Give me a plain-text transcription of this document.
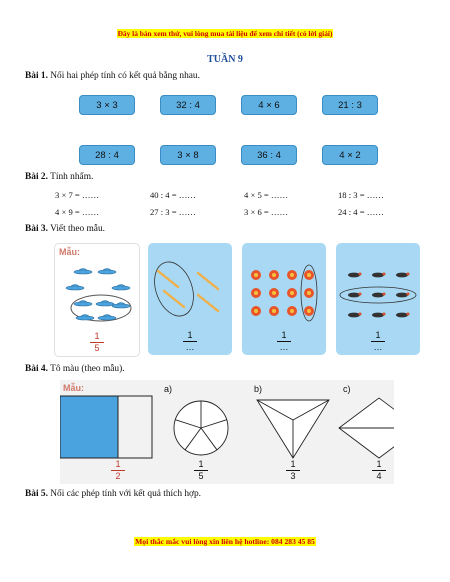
Đây là bản xem thử, vui lòng mua tài liệu để xem chi tiết (có lời giải)
TUẦN 9
Bài 1. Nối hai phép tính có kết quả bằng nhau.
3 × 3	32 : 4	4 × 6	21 : 3
28 : 4	3 × 8	36 : 4	4 × 2
Bài 2. Tính nhẩm.
3 × 7 = ……	40 : 4 = ……	4 × 5 = ……	18 : 3 = ……
4 × 9 = ……	27 : 3 = ……	3 × 6 = ……	24 : 4 = ……
Bài 3. Viết theo mẫu.
Mẫu:
1
5
1
…
1
…
1
…
Bài 4. Tô màu (theo mẫu).
Mẫu:	a)	b)	c)
1
2
1
5
1
3
1
4
Bài 5. Nối các phép tính với kết quả thích hợp.
Mọi thắc mắc vui lòng xin liên hệ hotline: 084 283 45 85
